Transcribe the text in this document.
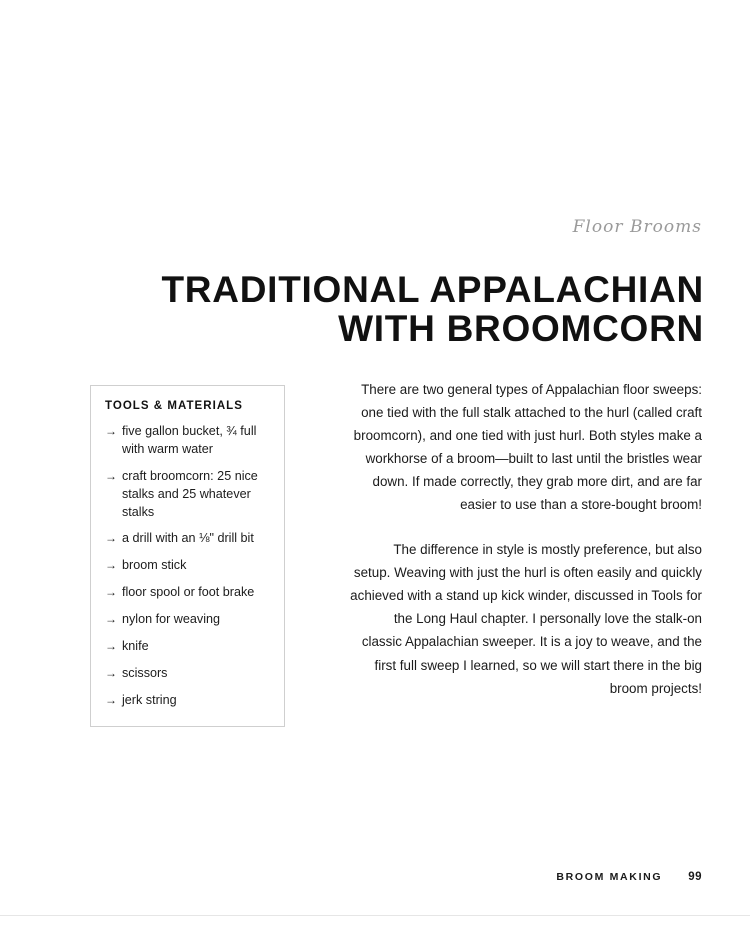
Floor Brooms
TRADITIONAL APPALACHIAN
WITH BROOMCORN
TOOLS & MATERIALS
→ five gallon bucket, ¾ full with warm water
→ craft broomcorn: 25 nice stalks and 25 whatever stalks
→ a drill with an ⅛" drill bit
→ broom stick
→ floor spool or foot brake
→ nylon for weaving
→ knife
→ scissors
→ jerk string

There are two general types of Appalachian floor sweeps: one tied with the full stalk attached to the hurl (called craft broomcorn), and one tied with just hurl. Both styles make a workhorse of a broom—built to last until the bristles wear down. If made correctly, they grab more dirt, and are far easier to use than a store-bought broom!

The difference in style is mostly preference, but also setup. Weaving with just the hurl is often easily and quickly achieved with a stand up kick winder, discussed in Tools for the Long Haul chapter. I personally love the stalk-on classic Appalachian sweeper. It is a joy to weave, and the first full sweep I learned, so we will start there in the big broom projects!

BROOM MAKING 99
